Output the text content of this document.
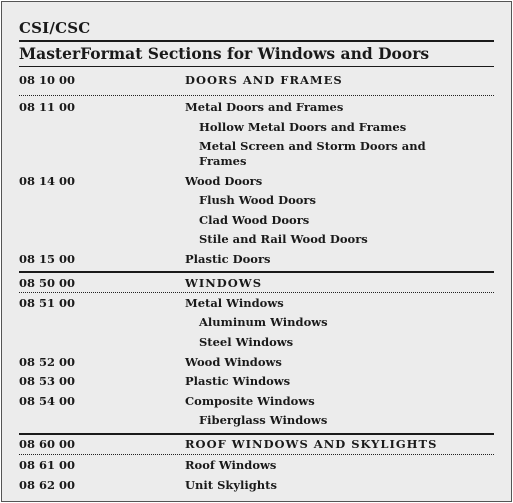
CSI/CSC
MasterFormat Sections for Windows and Doors
08 10 00	DOORS AND FRAMES
08 11 00	Metal Doors and Frames
Hollow Metal Doors and Frames
Metal Screen and Storm Doors and
Frames
08 14 00	Wood Doors
Flush Wood Doors
Clad Wood Doors
Stile and Rail Wood Doors
08 15 00	Plastic Doors
08 50 00	WINDOWS
08 51 00	Metal Windows
Aluminum Windows
Steel Windows
08 52 00	Wood Windows
08 53 00	Plastic Windows
08 54 00	Composite Windows
Fiberglass Windows
08 60 00	ROOF WINDOWS AND SKYLIGHTS
08 61 00	Roof Windows
08 62 00	Unit Skylights
